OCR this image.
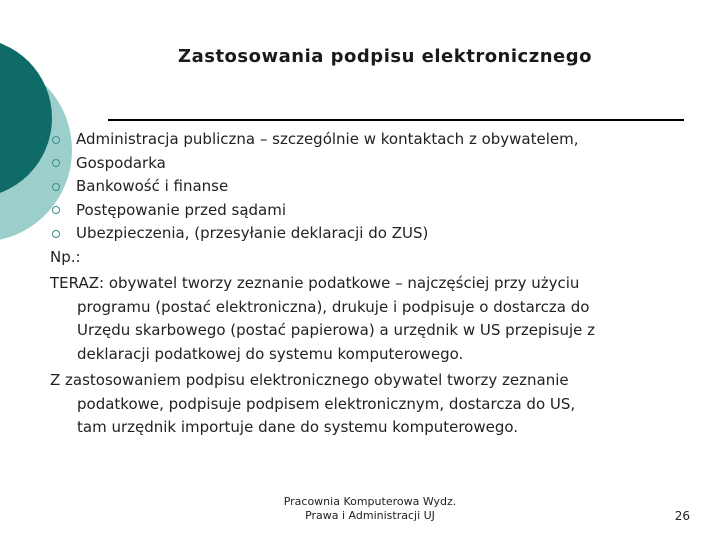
Zastosowania podpisu elektronicznego
Administracja publiczna – szczególnie w kontaktach z obywatelem,
Gospodarka
Bankowość i finanse
Postępowanie przed sądami
Ubezpieczenia, (przesyłanie deklaracji do ZUS)

Np.:

TERAZ: obywatel tworzy zeznanie podatkowe – najczęściej przy użyciu
programu (postać elektroniczna), drukuje i podpisuje o dostarcza do
Urzędu skarbowego (postać papierowa) a urzędnik w US przepisuje z
deklaracji podatkowej do systemu komputerowego.

Z zastosowaniem podpisu elektronicznego obywatel tworzy zeznanie
podatkowe, podpisuje podpisem elektronicznym, dostarcza do US,
tam urzędnik importuje dane do systemu komputerowego.

Pracownia Komputerowa Wydz.
Prawa i Administracji UJ	26
